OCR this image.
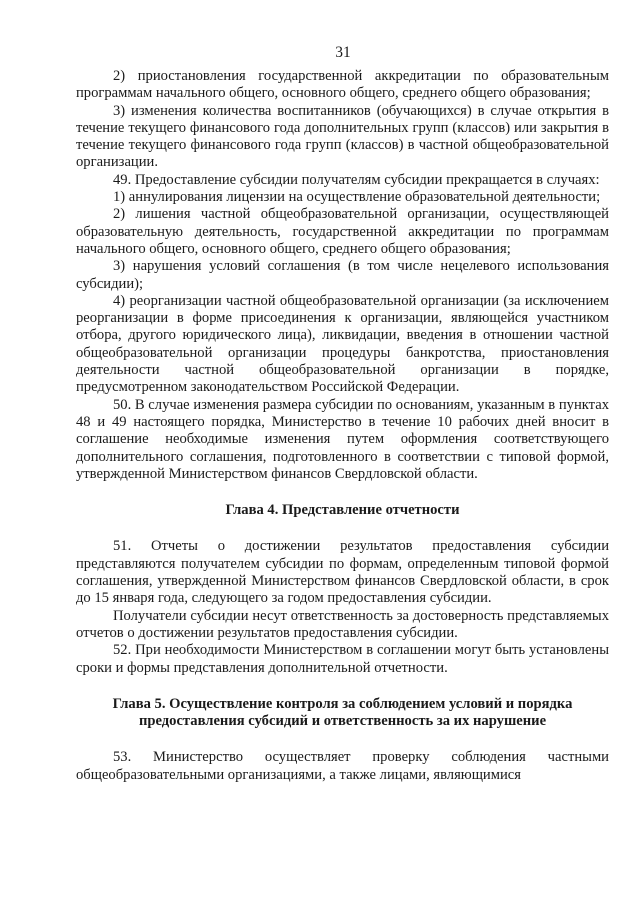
31

2) приостановления государственной аккредитации по образовательным программам начального общего, основного общего, среднего общего образования;

3) изменения количества воспитанников (обучающихся) в случае открытия в течение текущего финансового года дополнительных групп (классов) или закрытия в течение текущего финансового года групп (классов) в частной общеобразовательной организации.

49. Предоставление субсидии получателям субсидии прекращается в случаях:

1) аннулирования лицензии на осуществление образовательной деятельности;

2) лишения частной общеобразовательной организации, осуществляющей образовательную деятельность, государственной аккредитации по программам начального общего, основного общего, среднего общего образования;

3) нарушения условий соглашения (в том числе нецелевого использования субсидии);

4) реорганизации частной общеобразовательной организации (за исключением реорганизации в форме присоединения к организации, являющейся участником отбора, другого юридического лица), ликвидации, введения в отношении частной общеобразовательной организации процедуры банкротства, приостановления деятельности частной общеобразовательной организации в порядке, предусмотренном законодательством Российской Федерации.

50. В случае изменения размера субсидии по основаниям, указанным в пунктах 48 и 49 настоящего порядка, Министерство в течение 10 рабочих дней вносит в соглашение необходимые изменения путем оформления соответствующего дополнительного соглашения, подготовленного в соответствии с типовой формой, утвержденной Министерством финансов Свердловской области.

Глава 4. Представление отчетности

51. Отчеты о достижении результатов предоставления субсидии представляются получателем субсидии по формам, определенным типовой формой соглашения, утвержденной Министерством финансов Свердловской области, в срок до 15 января года, следующего за годом предоставления субсидии.

Получатели субсидии несут ответственность за достоверность представляемых отчетов о достижении результатов предоставления субсидии.

52. При необходимости Министерством в соглашении могут быть установлены сроки и формы представления дополнительной отчетности.

Глава 5. Осуществление контроля за соблюдением условий и порядка
предоставления субсидий и ответственность за их нарушение

53. Министерство осуществляет проверку соблюдения частными общеобразовательными организациями, а также лицами, являющимися
